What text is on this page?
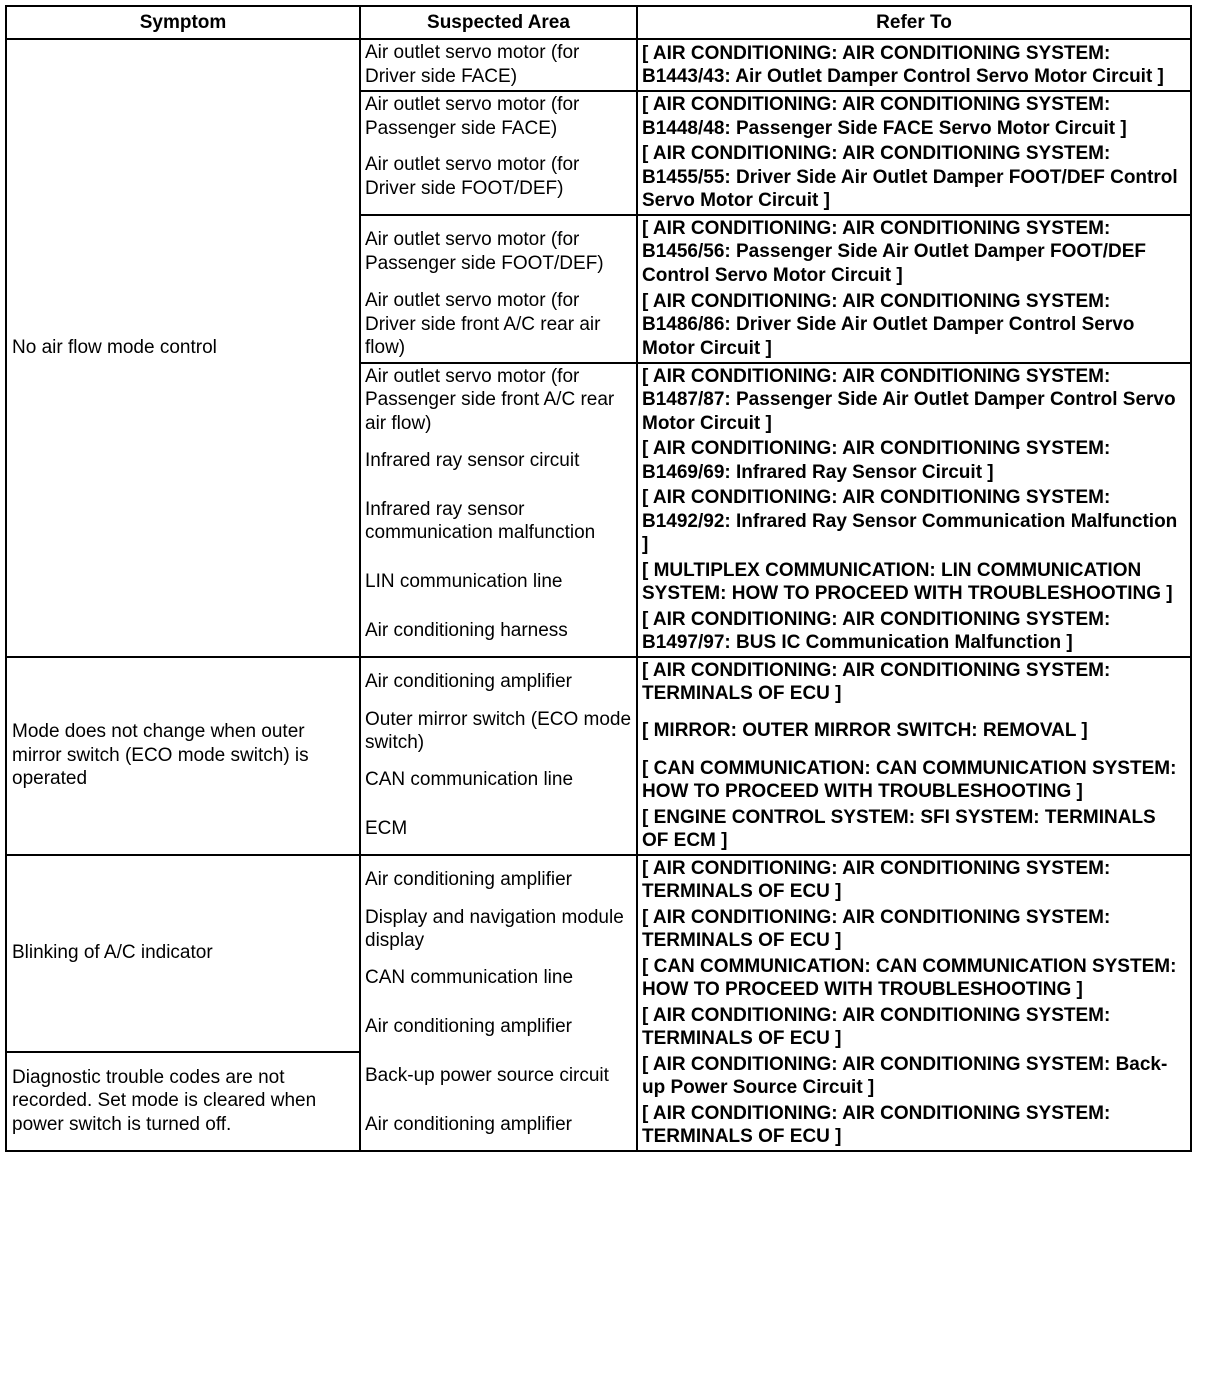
Symptom	Suspected Area	Refer To
No air flow mode control	Air outlet servo motor (for Driver side FACE)	[ AIR CONDITIONING: AIR CONDITIONING SYSTEM: B1443/43: Air Outlet Damper Control Servo Motor Circuit ]
	Air outlet servo motor (for Passenger side FACE)	[ AIR CONDITIONING: AIR CONDITIONING SYSTEM: B1448/48: Passenger Side FACE Servo Motor Circuit ]
	Air outlet servo motor (for Driver side FOOT/DEF)	[ AIR CONDITIONING: AIR CONDITIONING SYSTEM: B1455/55: Driver Side Air Outlet Damper FOOT/DEF Control Servo Motor Circuit ]
	Air outlet servo motor (for Passenger side FOOT/DEF)	[ AIR CONDITIONING: AIR CONDITIONING SYSTEM: B1456/56: Passenger Side Air Outlet Damper FOOT/DEF Control Servo Motor Circuit ]
	Air outlet servo motor (for Driver side front A/C rear air flow)	[ AIR CONDITIONING: AIR CONDITIONING SYSTEM: B1486/86: Driver Side Air Outlet Damper Control Servo Motor Circuit ]
	Air outlet servo motor (for Passenger side front A/C rear air flow)	[ AIR CONDITIONING: AIR CONDITIONING SYSTEM: B1487/87: Passenger Side Air Outlet Damper Control Servo Motor Circuit ]
	Infrared ray sensor circuit	[ AIR CONDITIONING: AIR CONDITIONING SYSTEM: B1469/69: Infrared Ray Sensor Circuit ]
	Infrared ray sensor communication malfunction	[ AIR CONDITIONING: AIR CONDITIONING SYSTEM: B1492/92: Infrared Ray Sensor Communication Malfunction ]
	LIN communication line	[ MULTIPLEX COMMUNICATION: LIN COMMUNICATION SYSTEM: HOW TO PROCEED WITH TROUBLESHOOTING ]
	Air conditioning harness	[ AIR CONDITIONING: AIR CONDITIONING SYSTEM: B1497/97: BUS IC Communication Malfunction ]
Mode does not change when outer mirror switch (ECO mode switch) is operated	Air conditioning amplifier	[ AIR CONDITIONING: AIR CONDITIONING SYSTEM: TERMINALS OF ECU ]
	Outer mirror switch (ECO mode switch)	[ MIRROR: OUTER MIRROR SWITCH: REMOVAL ]
	CAN communication line	[ CAN COMMUNICATION: CAN COMMUNICATION SYSTEM: HOW TO PROCEED WITH TROUBLESHOOTING ]
	ECM	[ ENGINE CONTROL SYSTEM: SFI SYSTEM: TERMINALS OF ECM ]
Blinking of A/C indicator	Air conditioning amplifier	[ AIR CONDITIONING: AIR CONDITIONING SYSTEM: TERMINALS OF ECU ]
	Display and navigation module display	[ AIR CONDITIONING: AIR CONDITIONING SYSTEM: TERMINALS OF ECU ]
	CAN communication line	[ CAN COMMUNICATION: CAN COMMUNICATION SYSTEM: HOW TO PROCEED WITH TROUBLESHOOTING ]
	Air conditioning amplifier	[ AIR CONDITIONING: AIR CONDITIONING SYSTEM: TERMINALS OF ECU ]
Diagnostic trouble codes are not recorded. Set mode is cleared when power switch is turned off.	Back-up power source circuit	[ AIR CONDITIONING: AIR CONDITIONING SYSTEM: Back-up Power Source Circuit ]
	Air conditioning amplifier	[ AIR CONDITIONING: AIR CONDITIONING SYSTEM: TERMINALS OF ECU ]
